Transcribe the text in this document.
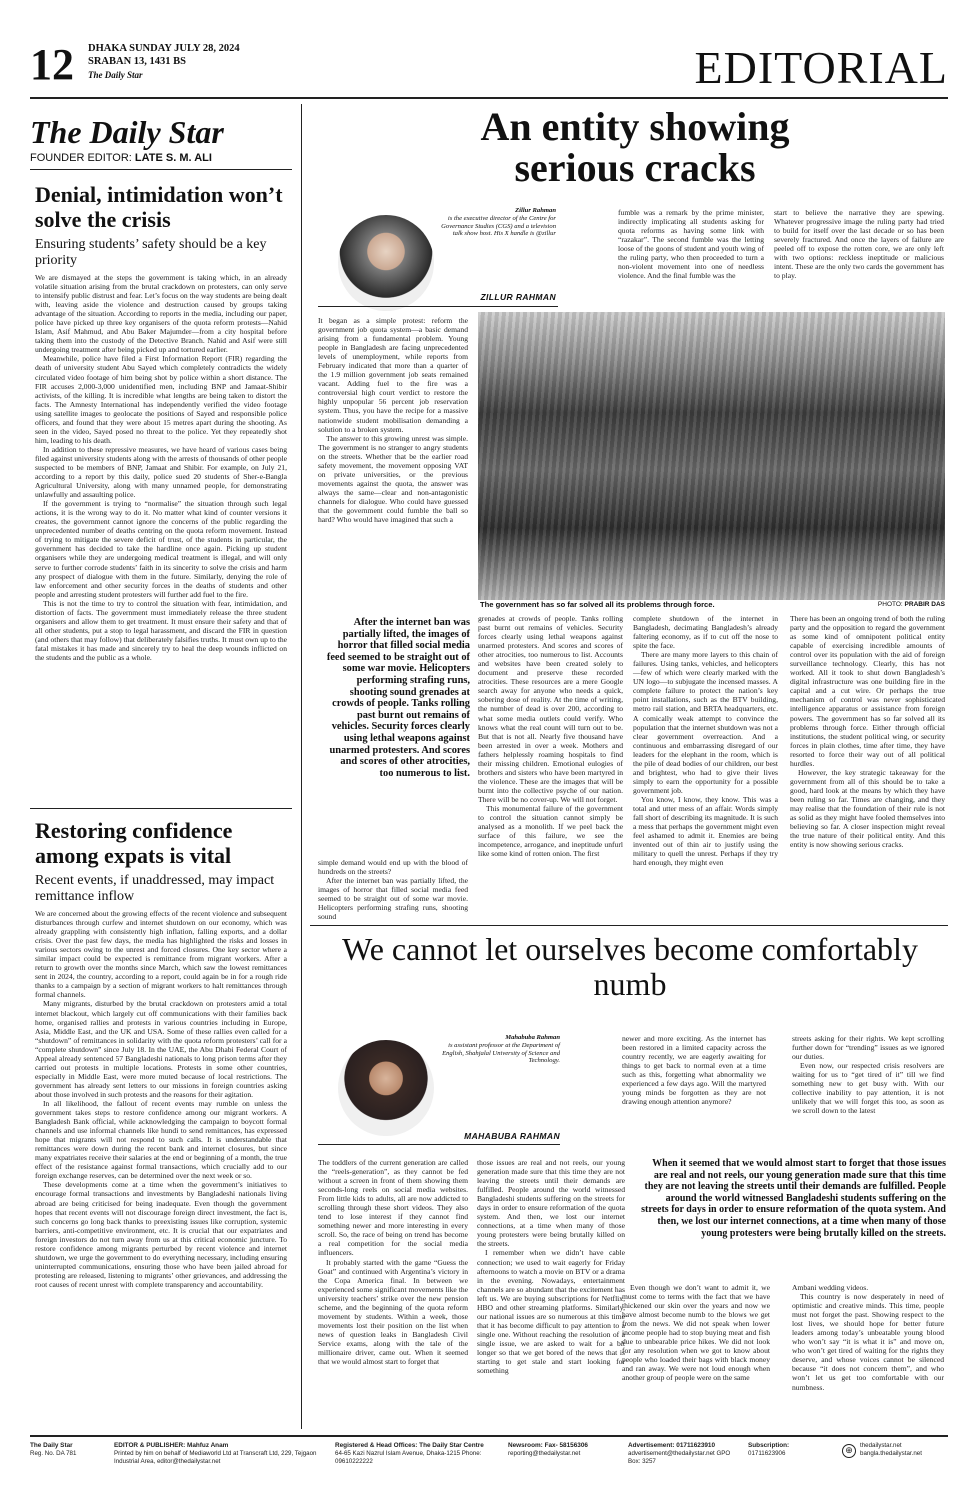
12 DHAKA SUNDAY JULY 28, 2024
SRABAN 13, 1431 BS
The Daily Star	EDITORIAL
The Daily Star
FOUNDER EDITOR: LATE S. M. ALI
Denial, intimidation won’t solve the crisis
Ensuring students’ safety should be a key priority

We are dismayed at the steps the government is taking which, in an already volatile situation arising from the brutal crackdown on protesters, can only serve to intensify public distrust and fear. Let’s focus on the way students are being dealt with, leaving aside the violence and destruction caused by groups taking advantage of the situation. According to reports in the media, including our paper, police have picked up three key organisers of the quota reform protests—Nahid Islam, Asif Mahmud, and Abu Baker Majumder—from a city hospital before taking them into the custody of the Detective Branch. Nahid and Asif were still undergoing treatment after being picked up and tortured earlier.

Meanwhile, police have filed a First Information Report (FIR) regarding the death of university student Abu Sayed which completely contradicts the widely circulated video footage of him being shot by police within a short distance. The FIR accuses 2,000-3,000 unidentified men, including BNP and Jamaat-Shibir activists, of the killing. It is incredible what lengths are being taken to distort the facts. The Amnesty International has independently verified the video footage using satellite images to geolocate the positions of Sayed and responsible police officers, and found that they were about 15 metres apart during the shooting. As seen in the video, Sayed posed no threat to the police. Yet they repeatedly shot him, leading to his death.

In addition to these repressive measures, we have heard of various cases being filed against university students along with the arrests of thousands of other people suspected to be members of BNP, Jamaat and Shibir. For example, on July 21, according to a report by this daily, police sued 20 students of Sher-e-Bangla Agricultural University, along with many unnamed people, for demonstrating unlawfully and assaulting police.

If the government is trying to “normalise” the situation through such legal actions, it is the wrong way to do it. No matter what kind of counter versions it creates, the government cannot ignore the concerns of the public regarding the unprecedented number of deaths centring on the quota reform movement. Instead of trying to mitigate the severe deficit of trust, of the students in particular, the government has decided to take the hardline once again. Picking up student organisers while they are undergoing medical treatment is illegal, and will only serve to further corrode students’ faith in its sincerity to solve the crisis and harm any prospect of dialogue with them in the future. Similarly, denying the role of law enforcement and other security forces in the deaths of students and other people and arresting student protesters will further add fuel to the fire.

This is not the time to try to control the situation with fear, intimidation, and distortion of facts. The government must immediately release the three student organisers and allow them to get treatment. It must ensure their safety and that of all other students, put a stop to legal harassment, and discard the FIR in question (and others that may follow) that deliberately falsifies truths. It must own up to the fatal mistakes it has made and sincerely try to heal the deep wounds inflicted on the students and the public as a whole.

Restoring confidence among expats is vital
Recent events, if unaddressed, may impact remittance inflow

We are concerned about the growing effects of the recent violence and subsequent disturbances through curfew and internet shutdown on our economy, which was already grappling with consistently high inflation, falling exports, and a dollar crisis. Over the past few days, the media has highlighted the risks and losses in various sectors owing to the unrest and forced closures. One key sector where a similar impact could be expected is remittance from migrant workers. After a return to growth over the months since March, which saw the lowest remittances sent in 2024, the country, according to a report, could again be in for a rough ride thanks to a campaign by a section of migrant workers to halt remittances through formal channels.

Many migrants, disturbed by the brutal crackdown on protesters amid a total internet blackout, which largely cut off communications with their families back home, organised rallies and protests in various countries including in Europe, Asia, Middle East, and the UK and USA. Some of these rallies even called for a “shutdown” of remittances in solidarity with the quota reform protesters’ call for a “complete shutdown” since July 18. In the UAE, the Abu Dhabi Federal Court of Appeal already sentenced 57 Bangladeshi nationals to long prison terms after they carried out protests in multiple locations. Protests in some other countries, especially in Middle East, were more muted because of local restrictions. The government has already sent letters to our missions in foreign countries asking about those involved in such protests and the reasons for their agitation.

In all likelihood, the fallout of recent events may rumble on unless the government takes steps to restore confidence among our migrant workers. A Bangladesh Bank official, while acknowledging the campaign to boycott formal channels and use informal channels like hundi to send remittances, has expressed hope that migrants will not respond to such calls. It is understandable that remittances were down during the recent bank and internet closures, but since many expatriates receive their salaries at the end or beginning of a month, the true effect of the resistance against formal transactions, which crucially add to our foreign exchange reserves, can be determined over the next week or so.

These developments come at a time when the government’s initiatives to encourage formal transactions and investments by Bangladeshi nationals living abroad are being criticised for being inadequate. Even though the government hopes that recent events will not discourage foreign direct investment, the fact is, such concerns go long back thanks to preexisting issues like corruption, systemic barriers, anti-competitive environment, etc. It is crucial that our expatriates and foreign investors do not turn away from us at this critical economic juncture. To restore confidence among migrants perturbed by recent violence and internet shutdown, we urge the government to do everything necessary, including ensuring uninterrupted communications, ensuring those who have been jailed abroad for protesting are released, listening to migrants’ other grievances, and addressing the root causes of recent unrest with complete transparency and accountability.

An entity showing serious cracks
Zillur Rahman
is the executive director of the Centre for Governance Studies (CGS) and a television talk show host. His X handle is @zillur
ZILLUR RAHMAN

fumble was a remark by the prime minister, indirectly implicating all students asking for quota reforms as having some link with “razakar”. The second fumble was the letting loose of the goons of student and youth wing of the ruling party, who then proceeded to turn a non-violent movement into one of needless violence. And the final fumble was the

start to believe the narrative they are spewing. Whatever progressive image the ruling party had tried to build for itself over the last decade or so has been severely fractured. And once the layers of failure are peeled off to expose the rotten core, we are only left with two options: reckless ineptitude or malicious intent. These are the only two cards the government has to play.

It began as a simple protest: reform the government job quota system—a basic demand arising from a fundamental problem. Young people in Bangladesh are facing unprecedented levels of unemployment, while reports from February indicated that more than a quarter of the 1.9 million government job seats remained vacant. Adding fuel to the fire was a controversial high court verdict to restore the highly unpopular 56 percent job reservation system. Thus, you have the recipe for a massive nationwide student mobilisation demanding a solution to a broken system.

The answer to this growing unrest was simple. The government is no stranger to angry students on the streets. Whether that be the earlier road safety movement, the movement opposing VAT on private universities, or the previous movements against the quota, the answer was always the same—clear and non-antagonistic channels for dialogue. Who could have guessed that the government could fumble the ball so hard? Who would have imagined that such a

The government has so far solved all its problems through force.	PHOTO: PRABIR DAS
After the internet ban was partially lifted, the images of horror that filled social media feed seemed to be straight out of some war movie. Helicopters performing strafing runs, shooting sound grenades at crowds of people. Tanks rolling past burnt out remains of vehicles. Security forces clearly using lethal weapons against unarmed protesters. And scores and scores of other atrocities, too numerous to list.

simple demand would end up with the blood of hundreds on the streets?

After the internet ban was partially lifted, the images of horror that filled social media feed seemed to be straight out of some war movie. Helicopters performing strafing runs, shooting sound

grenades at crowds of people. Tanks rolling past burnt out remains of vehicles. Security forces clearly using lethal weapons against unarmed protesters. And scores and scores of other atrocities, too numerous to list. Accounts and websites have been created solely to document and preserve these recorded atrocities. These resources are a mere Google search away for anyone who needs a quick, sobering dose of reality. At the time of writing, the number of dead is over 200, according to what some media outlets could verify. Who knows what the real count will turn out to be. But that is not all. Nearly five thousand have been arrested in over a week. Mothers and fathers helplessly roaming hospitals to find their missing children. Emotional eulogies of brothers and sisters who have been martyred in the violence. These are the images that will be burnt into the collective psyche of our nation. There will be no cover-up. We will not forget.

This monumental failure of the government to control the situation cannot simply be analysed as a monolith. If we peel back the surface of this failure, we see the incompetence, arrogance, and ineptitude unfurl like some kind of rotten onion. The first

complete shutdown of the internet in Bangladesh, decimating Bangladesh’s already faltering economy, as if to cut off the nose to spite the face.

There are many more layers to this chain of failures. Using tanks, vehicles, and helicopters—few of which were clearly marked with the UN logo—to subjugate the incensed masses. A complete failure to protect the nation’s key point installations, such as the BTV building, metro rail station, and BRTA headquarters, etc. A comically weak attempt to convince the population that the internet shutdown was not a clear government overreaction. And a continuous and embarrassing disregard of our leaders for the elephant in the room, which is the pile of dead bodies of our children, our best and brightest, who had to give their lives simply to earn the opportunity for a possible government job.

You know, I know, they know. This was a total and utter mess of an affair. Words simply fall short of describing its magnitude. It is such a mess that perhaps the government might even feel ashamed to admit it. Enemies are being invented out of thin air to justify using the military to quell the unrest. Perhaps if they try hard enough, they might even

There has been an ongoing trend of both the ruling party and the opposition to regard the government as some kind of omnipotent political entity capable of exercising incredible amounts of control over its population with the aid of foreign surveillance technology. Clearly, this has not worked. All it took to shut down Bangladesh’s digital infrastructure was one building fire in the capital and a cut wire. Or perhaps the true mechanism of control was never sophisticated intelligence apparatus or assistance from foreign powers. The government has so far solved all its problems through force. Either through official institutions, the student political wing, or security forces in plain clothes, time after time, they have resorted to force their way out of all political hurdles.

However, the key strategic takeaway for the government from all of this should be to take a good, hard look at the means by which they have been ruling so far. Times are changing, and they may realise that the foundation of their rule is not as solid as they might have fooled themselves into believing so far. A closer inspection might reveal the true nature of their political entity. And this entity is now showing serious cracks.

We cannot let ourselves become comfortably numb
Mahabuba Rahman
is assistant professor at the Department of English, Shahjalal University of Science and Technology.
MAHABUBA RAHMAN

newer and more exciting. As the internet has been restored in a limited capacity across the country recently, we are eagerly awaiting for things to get back to normal even at a time such as this, forgetting what abnormality we experienced a few days ago. Will the martyred young minds be forgotten as they are not drawing enough attention anymore?

streets asking for their rights. We kept scrolling further down for “trending” issues as we ignored our duties.

Even now, our respected crisis resolvers are waiting for us to “get tired of it” till we find something new to get busy with. With our collective inability to pay attention, it is not unlikely that we will forget this too, as soon as we scroll down to the latest

The toddlers of the current generation are called the “reels-generation”, as they cannot be fed without a screen in front of them showing them seconds-long reels on social media websites. From little kids to adults, all are now addicted to scrolling through these short videos. They also tend to lose interest if they cannot find something newer and more interesting in every scroll. So, the race of being on trend has become a real competition for the social media influencers.

It probably started with the game “Guess the Goat” and continued with Argentina’s victory in the Copa America final. In between we experienced some significant movements like the university teachers’ strike over the new pension scheme, and the beginning of the quota reform movement by students. Within a week, those movements lost their position on the list when news of question leaks in Bangladesh Civil Service exams, along with the tale of the millionaire driver, came out. When it seemed that we would almost start to forget that

those issues are real and not reels, our young generation made sure that this time they are not leaving the streets until their demands are fulfilled. People around the world witnessed Bangladeshi students suffering on the streets for days in order to ensure reformation of the quota system. And then, we lost our internet connections, at a time when many of those young protesters were being brutally killed on the streets.

I remember when we didn’t have cable connection; we used to wait eagerly for Friday afternoons to watch a movie on BTV or a drama in the evening. Nowadays, entertainment channels are so abundant that the excitement has left us. We are buying subscriptions for Netflix, HBO and other streaming platforms. Similarly, our national issues are so numerous at this time that it has become difficult to pay attention to a single one. Without reaching the resolution of a single issue, we are asked to wait for a bit longer so that we get bored of the news that is starting to get stale and start looking for something

When it seemed that we would almost start to forget that those issues are real and not reels, our young generation made sure that this time they are not leaving the streets until their demands are fulfilled. People around the world witnessed Bangladeshi students suffering on the streets for days in order to ensure reformation of the quota system. And then, we lost our internet connections, at a time when many of those young protesters were being brutally killed on the streets.

Even though we don’t want to admit it, we must come to terms with the fact that we have thickened our skin over the years and now we have almost become numb to the blows we get from the news. We did not speak when lower income people had to stop buying meat and fish due to unbearable price hikes. We did not look for any resolution when we got to know about people who loaded their bags with black money and ran away. We were not loud enough when another group of people were on the same

Ambani wedding videos.

This country is now desperately in need of optimistic and creative minds. This time, people must not forget the past. Showing respect to the lost lives, we should hope for better future leaders among today’s unbeatable young blood who won’t say “it is what it is” and move on, who won’t get tired of waiting for the rights they deserve, and whose voices cannot be silenced because “it does not concern them”, and who won’t let us get too comfortable with our numbness.

The Daily Star
Reg. No. DA 781
EDITOR & PUBLISHER: Mahfuz Anam
Printed by him on behalf of Mediaworld Ltd at Transcraft Ltd, 229, Tejgaon Industrial Area, editor@thedailystar.net
Registered & Head Offices: The Daily Star Centre
64-65 Kazi Nazrul Islam Avenue, Dhaka-1215 Phone: 09610222222
Newsroom: Fax- 58156306
reporting@thedailystar.net
Advertisement: 01711623910
advertisement@thedailystar.net GPO Box: 3257
Subscription:
01711623906	⊕	thedailystar.net
bangla.thedailystar.net
